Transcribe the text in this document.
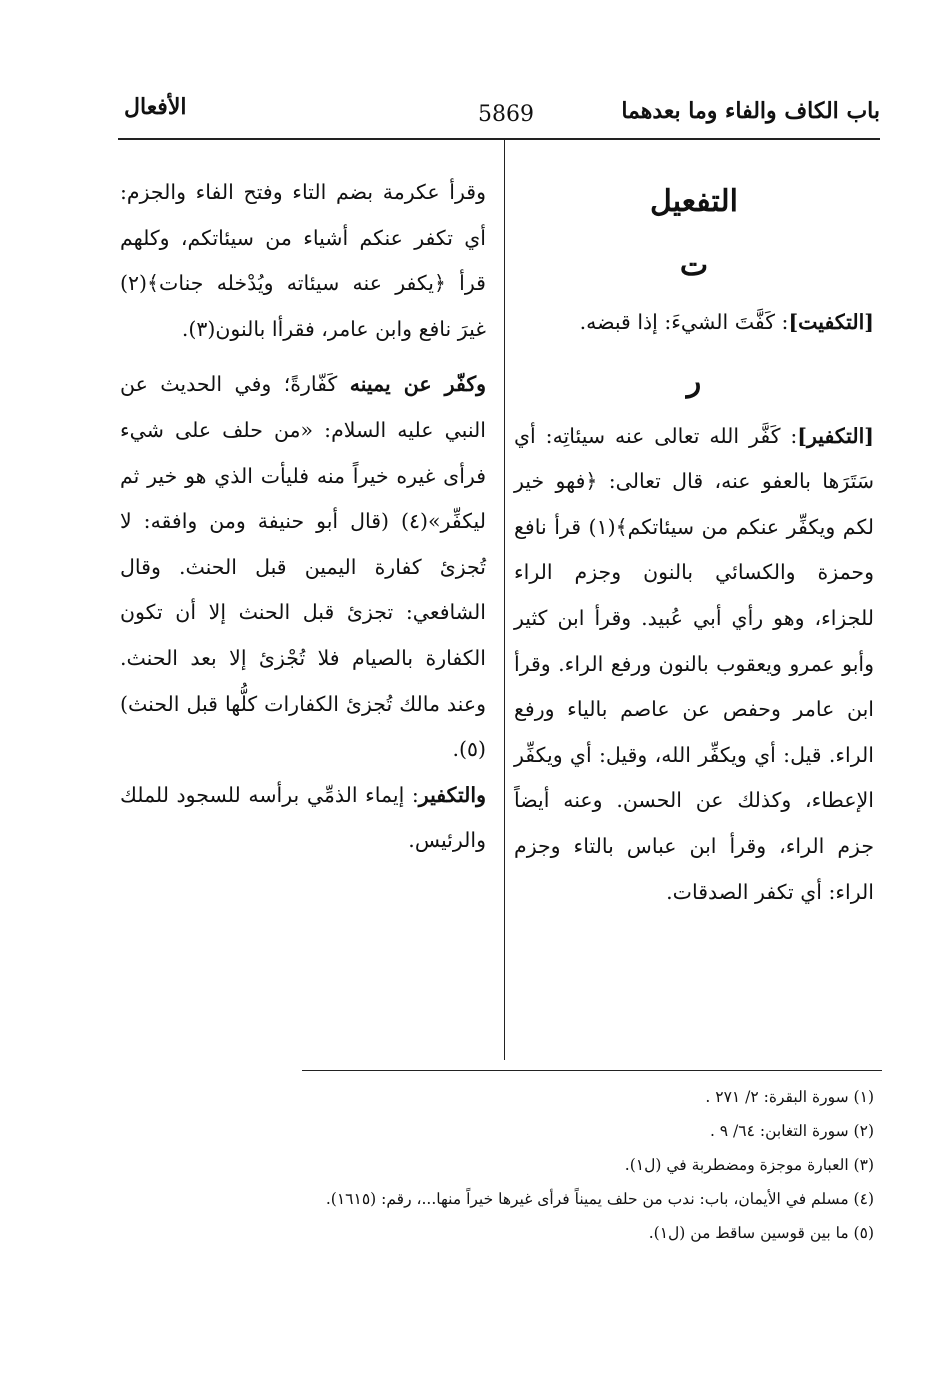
باب الكاف والفاء وما بعدهما
5869
الأفعال

التفعيل

ت

[التكفيت]: كَفَّتَ الشيءَ: إذا قبضه.

ر

[التكفير]: كَفَّر الله تعالى عنه سيئاتِه: أي سَتَرَها بالعفو عنه، قال تعالى: ﴿فهو خير لكم ويكفِّر عنكم من سيئاتكم﴾(١) قرأ نافع وحمزة والكسائي بالنون وجزم الراء للجزاء، وهو رأي أبي عُبيد. وقرأ ابن كثير وأبو عمرو ويعقوب بالنون ورفع الراء. وقرأ ابن عامر وحفص عن عاصم بالياء ورفع الراء. قيل: أي ويكفِّر الله، وقيل: أي ويكفِّر الإعطاء، وكذلك عن الحسن. وعنه أيضاً جزم الراء، وقرأ ابن عباس بالتاء وجزم الراء: أي تكفر الصدقات.

وقرأ عكرمة بضم التاء وفتح الفاء والجزم: أي تكفر عنكم أشياء من سيئاتكم، وكلهم قرأ ﴿يكفر عنه سيئاته ويُدْخله جنات﴾(٢) غيرَ نافع وابن عامر، فقرأا بالنون(٣).

وكفّر عن يمينه كَفّارةً؛ وفي الحديث عن النبي عليه السلام: «من حلف على شيء فرأى غيره خيراً منه فليأت الذي هو خير ثم ليكفِّر»(٤) (قال أبو حنيفة ومن وافقه: لا تُجزئ كفارة اليمين قبل الحنث. وقال الشافعي: تجزئ قبل الحنث إلا أن تكون الكفارة بالصيام فلا تُجْزئ إلا بعد الحنث. وعند مالك تُجزئ الكفارات كلُّها قبل الحنث)(٥).

والتكفير: إيماء الذمِّي برأسه للسجود للملك والرئيس.

(١) سورة البقرة: ٢/ ٢٧١ .
(٢) سورة التغابن: ٦٤/ ٩ .
(٣) العبارة موجزة ومضطربة في (ل١).
(٤) مسلم في الأيمان، باب: ندب من حلف يميناً فرأى غيرها خيراً منها...، رقم: (١٦١٥).
(٥) ما بين قوسين ساقط من (ل١).
